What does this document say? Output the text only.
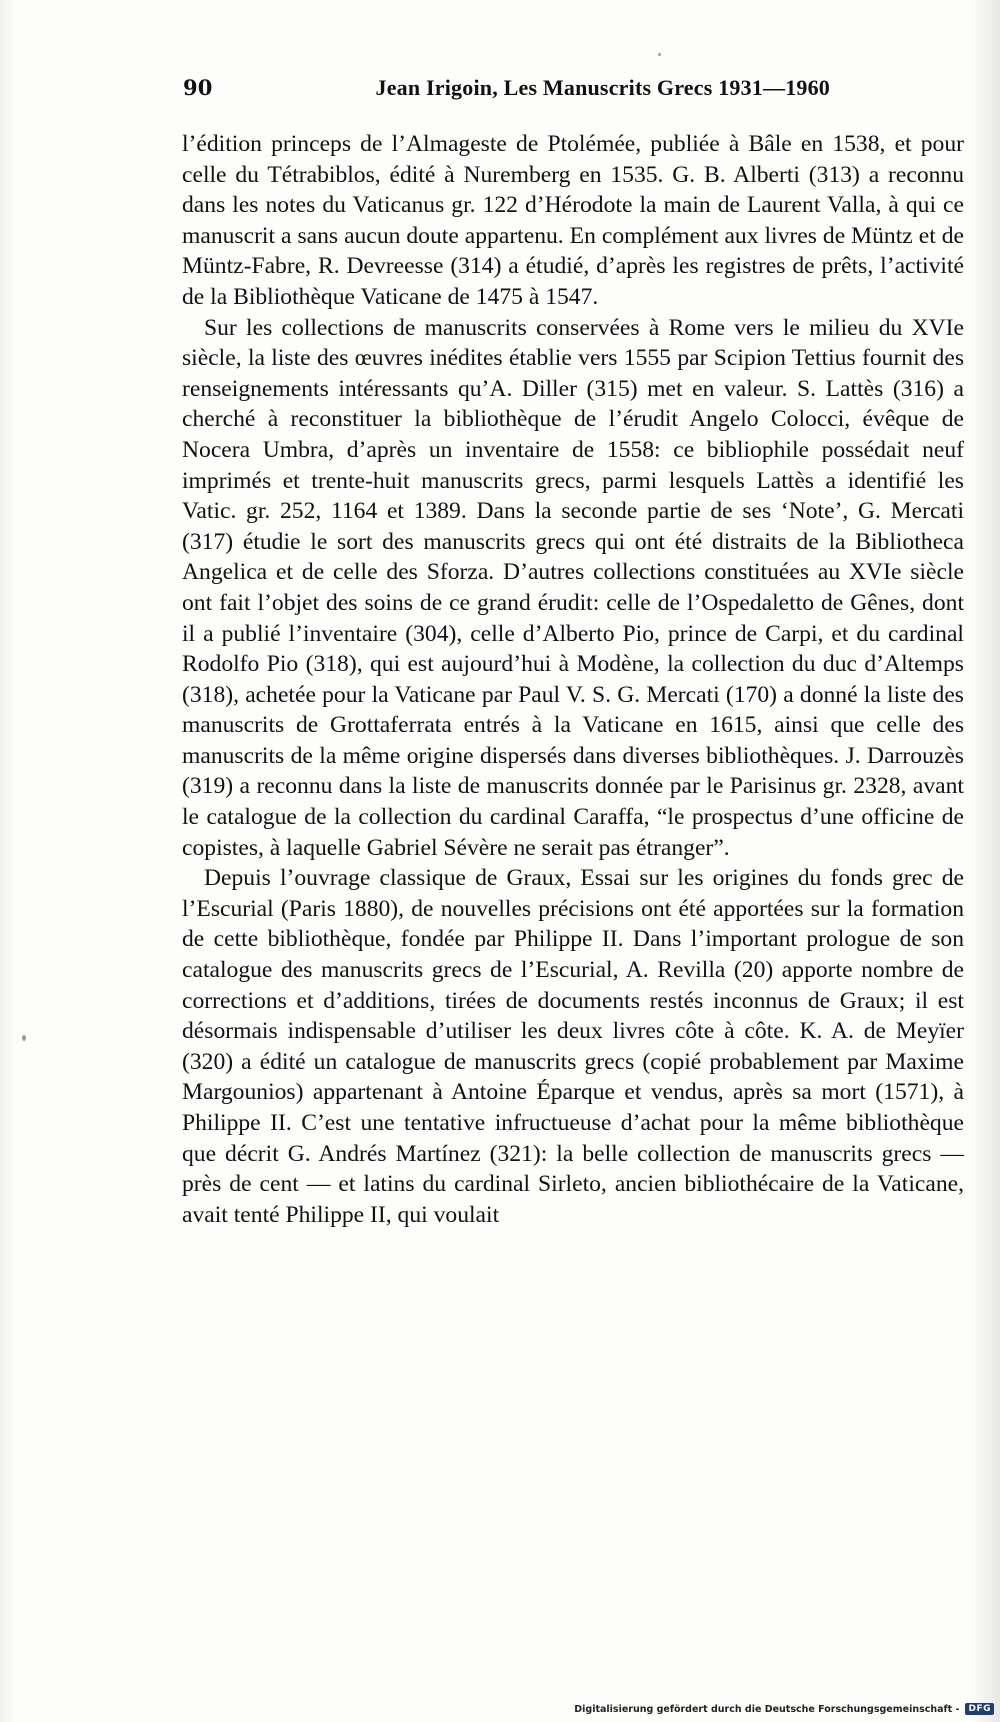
90	Jean Irigoin, Les Manuscrits Grecs 1931—1960

l’édition princeps de l’Almageste de Ptolémée, publiée à Bâle en 1538, et pour celle du Tétrabiblos, édité à Nuremberg en 1535. G. B. Alberti (313) a reconnu dans les notes du Vaticanus gr. 122 d’Hérodote la main de Laurent Valla, à qui ce manuscrit a sans aucun doute appartenu. En complément aux livres de Müntz et de Müntz-Fabre, R. Devreesse (314) a étudié, d’après les registres de prêts, l’activité de la Bibliothèque Vaticane de 1475 à 1547.

Sur les collections de manuscrits conservées à Rome vers le milieu du XVIe siècle, la liste des œuvres inédites établie vers 1555 par Scipion Tettius fournit des renseignements intéressants qu’A. Diller (315) met en valeur. S. Lattès (316) a cherché à reconstituer la bibliothèque de l’érudit Angelo Colocci, évêque de Nocera Umbra, d’après un inventaire de 1558: ce bibliophile possédait neuf imprimés et trente-huit manuscrits grecs, parmi lesquels Lattès a identifié les Vatic. gr. 252, 1164 et 1389. Dans la seconde partie de ses ‘Note’, G. Mercati (317) étudie le sort des manuscrits grecs qui ont été distraits de la Bibliotheca Angelica et de celle des Sforza. D’autres collections constituées au XVIe siècle ont fait l’objet des soins de ce grand érudit: celle de l’Ospedaletto de Gênes, dont il a publié l’inventaire (304), celle d’Alberto Pio, prince de Carpi, et du cardinal Rodolfo Pio (318), qui est aujourd’hui à Modène, la collection du duc d’Altemps (318), achetée pour la Vaticane par Paul V. S. G. Mercati (170) a donné la liste des manuscrits de Grottaferrata entrés à la Vaticane en 1615, ainsi que celle des manuscrits de la même origine dispersés dans diverses bibliothèques. J. Darrouzès (319) a reconnu dans la liste de manuscrits donnée par le Parisinus gr. 2328, avant le catalogue de la collection du cardinal Caraffa, “le prospectus d’une officine de copistes, à laquelle Gabriel Sévère ne serait pas étranger”.

Depuis l’ouvrage classique de Graux, Essai sur les origines du fonds grec de l’Escurial (Paris 1880), de nouvelles précisions ont été apportées sur la formation de cette bibliothèque, fondée par Philippe II. Dans l’important prologue de son catalogue des manuscrits grecs de l’Escurial, A. Revilla (20) apporte nombre de corrections et d’additions, tirées de documents restés inconnus de Graux; il est désormais indispensable d’utiliser les deux livres côte à côte. K. A. de Meyïer (320) a édité un catalogue de manuscrits grecs (copié probablement par Maxime Margounios) appartenant à Antoine Éparque et vendus, après sa mort (1571), à Philippe II. C’est une tentative infructueuse d’achat pour la même bibliothèque que décrit G. Andrés Martínez (321): la belle collection de manuscrits grecs — près de cent — et latins du cardinal Sirleto, ancien bibliothécaire de la Vaticane, avait tenté Philippe II, qui voulait

Digitalisierung gefördert durch die Deutsche Forschungsgemeinschaft -	DFG
